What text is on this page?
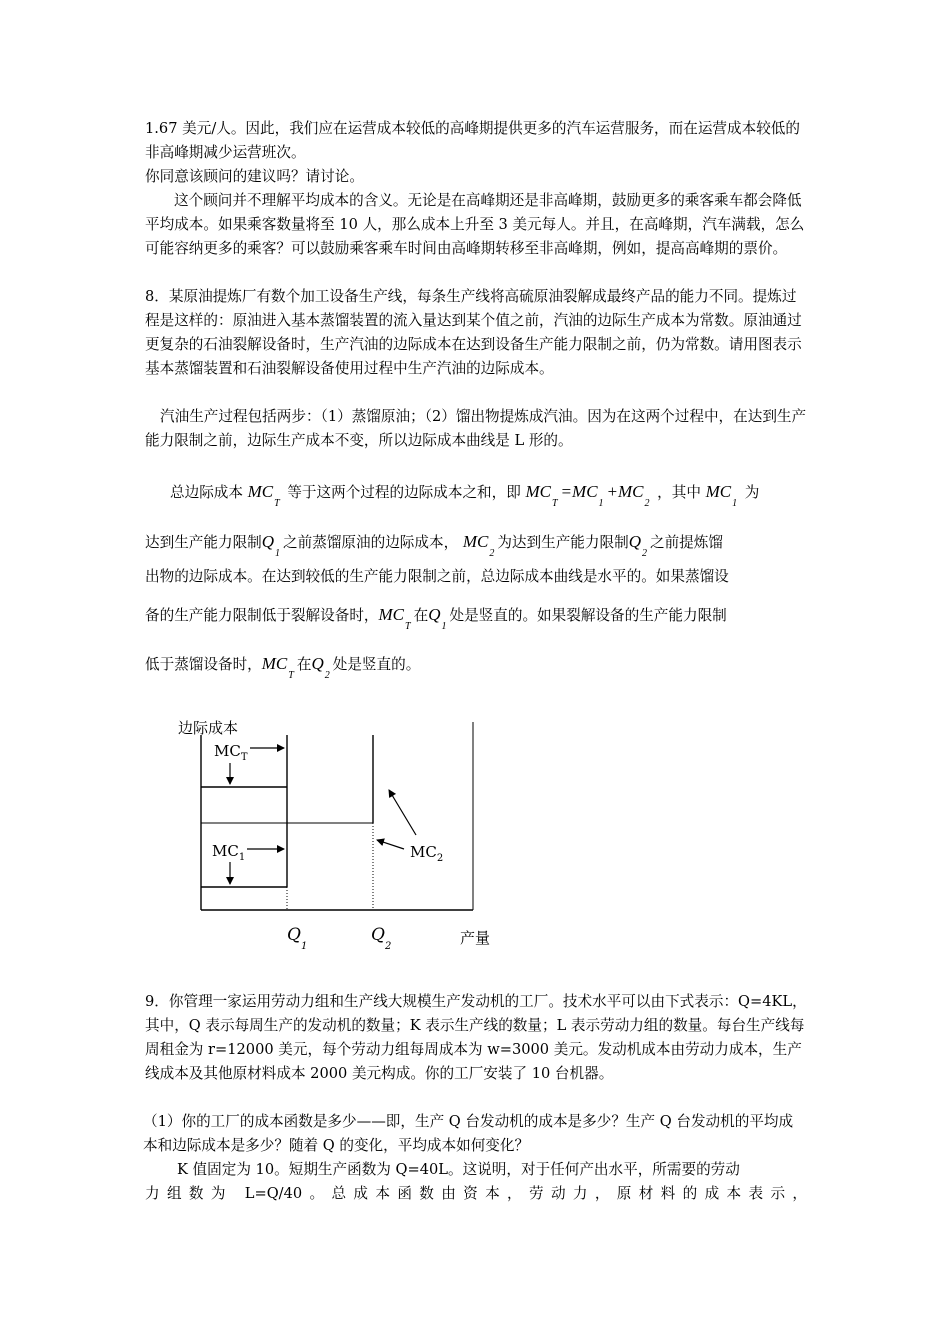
1.67 美元/人。因此，我们应在运营成本较低的高峰期提供更多的汽车运营服务，而在运营成本较低的非高峰期减少运营班次。

你同意该顾问的建议吗？请讨论。

这个顾问并不理解平均成本的含义。无论是在高峰期还是非高峰期，鼓励更多的乘客乘车都会降低平均成本。如果乘客数量将至 10 人，那么成本上升至 3 美元每人。并且，在高峰期，汽车满载，怎么可能容纳更多的乘客？可以鼓励乘客乘车时间由高峰期转移至非高峰期，例如，提高高峰期的票价。

8．某原油提炼厂有数个加工设备生产线，每条生产线将高硫原油裂解成最终产品的能力不同。提炼过程是这样的：原油进入基本蒸馏装置的流入量达到某个值之前，汽油的边际生产成本为常数。原油通过更复杂的石油裂解设备时，生产汽油的边际成本在达到设备生产能力限制之前，仍为常数。请用图表示基本蒸馏装置和石油裂解设备使用过程中生产汽油的边际成本。

汽油生产过程包括两步：（1）蒸馏原油；（2）馏出物提炼成汽油。因为在这两个过程中，在达到生产能力限制之前，边际生产成本不变，所以边际成本曲线是 L 形的。

总边际成本 $MC_T$ 等于这两个过程的边际成本之和，即 $MC_T=MC_1+MC_2$ ，其中 $MC_1$ 为
达到生产能力限制$Q_1$之前蒸馏原油的边际成本， $MC_2$为达到生产能力限制$Q_2$之前提炼馏

出物的边际成本。在达到较低的生产能力限制之前，总边际成本曲线是水平的。如果蒸馏设

备的生产能力限制低于裂解设备时，$MC_T$在$Q_1$处是竖直的。如果裂解设备的生产能力限制
低于蒸馏设备时，$MC_T$在$Q_2$处是竖直的。
边际成本
$MC_T$
$MC_1$	$MC_2$
$Q_1$
$Q_2$	产量

9．你管理一家运用劳动力组和生产线大规模生产发动机的工厂。技术水平可以由下式表示：Q=4KL，其中，Q 表示每周生产的发动机的数量；K 表示生产线的数量；L 表示劳动力组的数量。每台生产线每周租金为 r=12000 美元，每个劳动力组每周成本为 w=3000 美元。发动机成本由劳动力成本，生产线成本及其他原材料成本 2000 美元构成。你的工厂安装了 10 台机器。

（1）你的工厂的成本函数是多少——即，生产 Q 台发动机的成本是多少？生产 Q 台发动机的平均成本和边际成本是多少？随着 Q 的变化，平均成本如何变化？

K 值固定为 10。短期生产函数为 Q=40L。这说明，对于任何产出水平，所需要的劳动

力组数为 L=Q/40。总成本函数由资本，劳动力，原材料的成本表示，
